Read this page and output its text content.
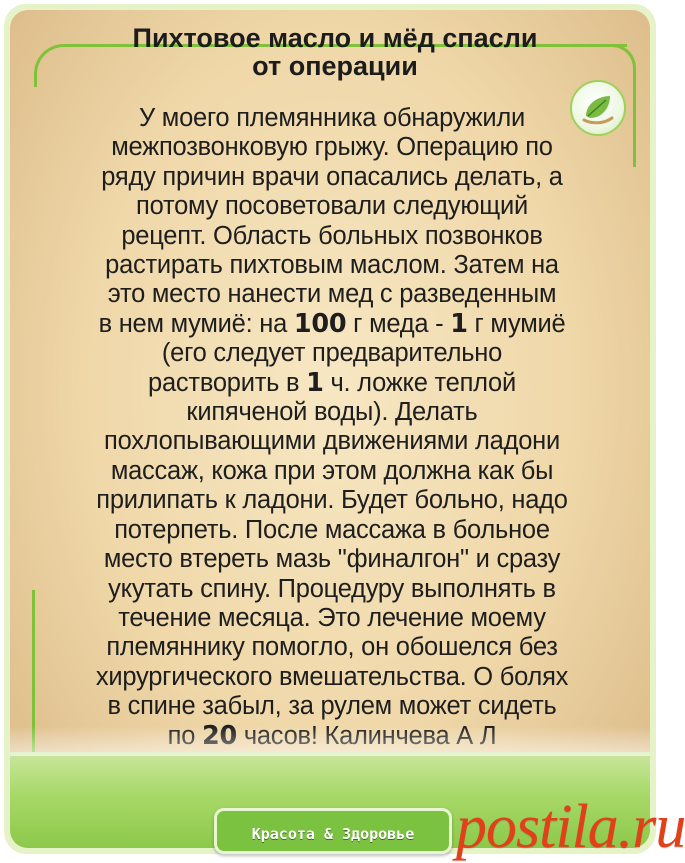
Пихтовое масло и мёд спасли
от операции
У моего племянника обнаружили
межпозвонковую грыжу. Операцию по
ряду причин врачи опасались делать, а
потому посоветовали следующий
рецепт. Область больных позвонков
растирать пихтовым маслом. Затем на
это место нанести мед с разведенным
в нем мумиё: на 100 г меда - 1 г мумиё
(его следует предварительно
растворить в 1 ч. ложке теплой
кипяченой воды). Делать
похлопывающими движениями ладони
массаж, кожа при этом должна как бы
прилипать к ладони. Будет больно, надо
потерпеть. После массажа в больное
место втереть мазь "финалгон" и сразу
укутать спину. Процедуру выполнять в
течение месяца. Это лечение моему
племяннику помогло, он обошелся без
хирургического вмешательства. О болях
в спине забыл, за рулем может сидеть
Красота & Здоровье postila.ru
